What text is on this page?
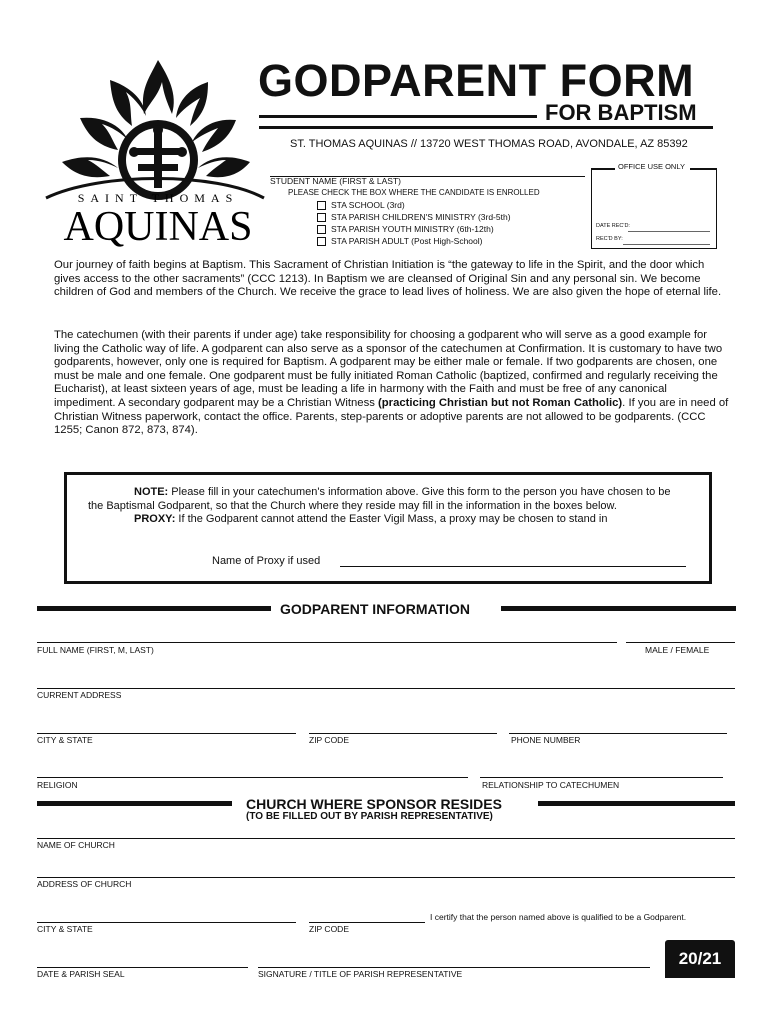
SAINT THOMAS
AQUINAS
GODPARENT FORM
FOR BAPTISM
ST. THOMAS AQUINAS // 13720 WEST THOMAS ROAD, AVONDALE, AZ 85392
OFFICE USE ONLY
DATE REC'D:
REC'D BY:
STUDENT NAME (FIRST & LAST)
PLEASE CHECK THE BOX WHERE THE CANDIDATE IS ENROLLED
STA SCHOOL (3rd)
STA PARISH CHILDREN'S MINISTRY (3rd-5th)
STA PARISH YOUTH MINISTRY (6th-12th)
STA PARISH ADULT (Post High-School)
Our journey of faith begins at Baptism. This Sacrament of Christian Initiation is “the gateway to life in the Spirit, and the door which gives access to the other sacraments” (CCC 1213). In Baptism we are cleansed of Original Sin and any personal sin. We become children of God and members of the Church. We receive the grace to lead lives of holiness. We are also given the hope of eternal life.
The catechumen (with their parents if under age) take responsibility for choosing a godparent who will serve as a good example for living the Catholic way of life. A godparent can also serve as a sponsor of the catechumen at Confirmation. It is customary to have two godparents, however, only one is required for Baptism. A godparent may be either male or female. If two godparents are chosen, one must be male and one female. One godparent must be fully initiated Roman Catholic (baptized, confirmed and regularly receiving the Eucharist), at least sixteen years of age, must be leading a life in harmony with the Faith and must be free of any canonical impediment. A secondary godparent may be a Christian Witness (practicing Christian but not Roman Catholic). If you are in need of Christian Witness paperwork, contact the office. Parents, step-parents or adoptive parents are not allowed to be godparents. (CCC 1255; Canon 872, 873, 874).
NOTE: Please fill in your catechumen's information above. Give this form to the person you have chosen to be the Baptismal Godparent, so that the Church where they reside may fill in the information in the boxes below.
PROXY: If the Godparent cannot attend the Easter Vigil Mass, a proxy may be chosen to stand in
Name of Proxy if used
GODPARENT INFORMATION
FULL NAME (FIRST, M, LAST)	MALE / FEMALE
CURRENT ADDRESS
CITY & STATE	ZIP CODE	PHONE NUMBER
RELIGION	RELATIONSHIP TO CATECHUMEN
CHURCH WHERE SPONSOR RESIDES
(TO BE FILLED OUT BY PARISH REPRESENTATIVE)
NAME OF CHURCH
ADDRESS OF CHURCH
I certify that the person named above is qualified to be a Godparent.
CITY & STATE	ZIP CODE
DATE & PARISH SEAL	SIGNATURE / TITLE OF PARISH REPRESENTATIVE
20/21
